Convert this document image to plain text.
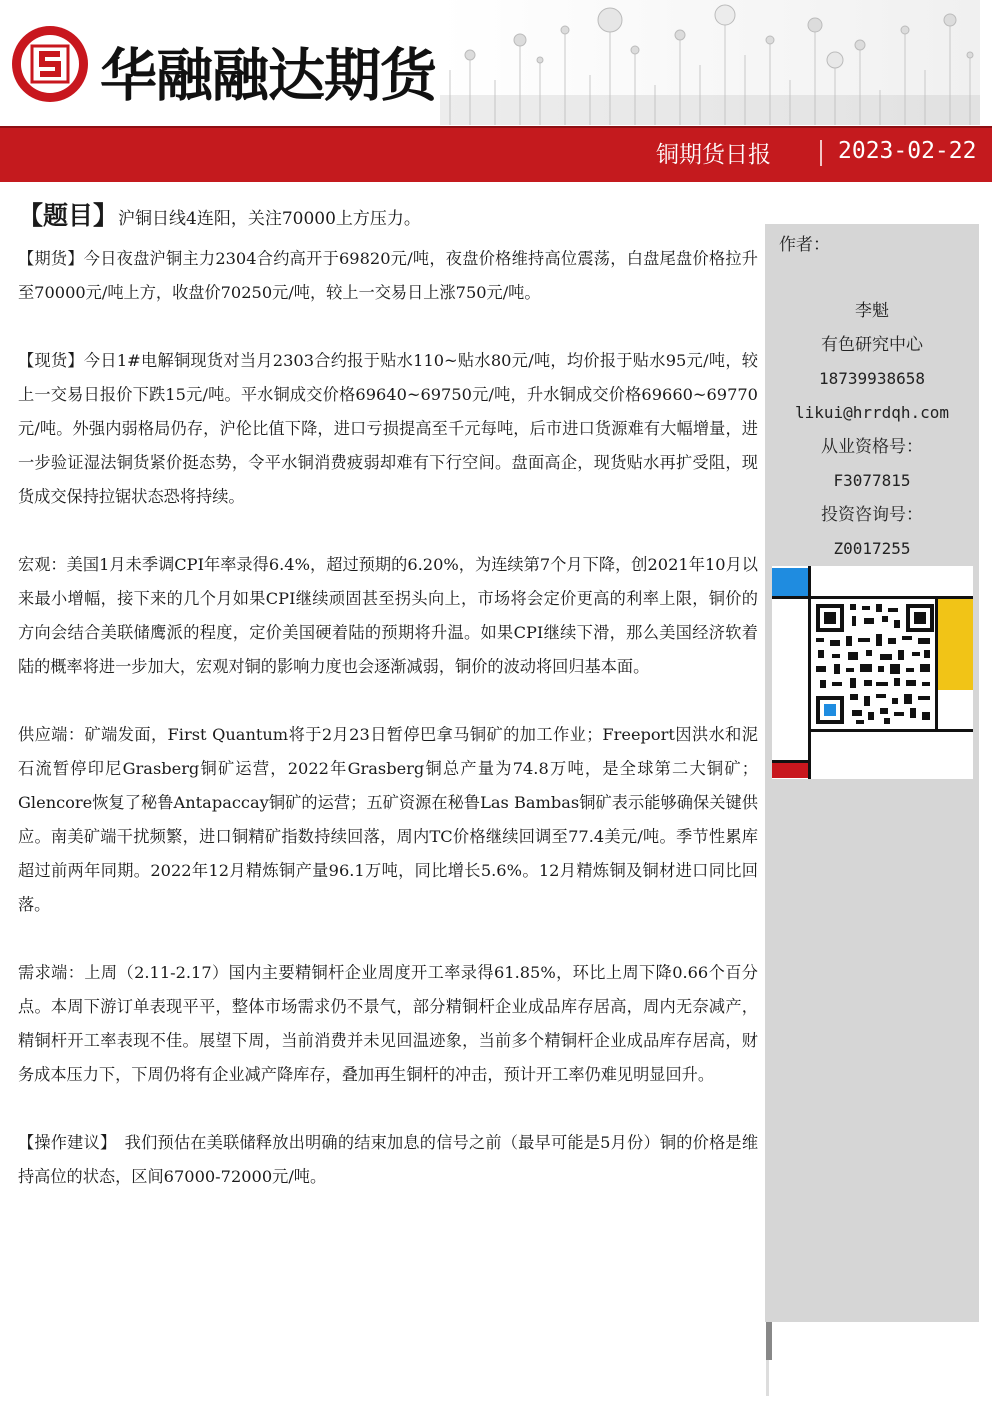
华融融达期货
铜期货日报	2023-02-22
【题目】沪铜日线4连阳，关注70000上方压力。

【期货】今日夜盘沪铜主力2304合约高开于69820元/吨，夜盘价格维持高位震荡，白盘尾盘价格拉升至70000元/吨上方，收盘价70250元/吨，较上一交易日上涨750元/吨。

【现货】今日1#电解铜现货对当月2303合约报于贴水110~贴水80元/吨，均价报于贴水95元/吨，较上一交易日报价下跌15元/吨。平水铜成交价格69640~69750元/吨，升水铜成交价格69660~69770元/吨。外强内弱格局仍存，沪伦比值下降，进口亏损提高至千元每吨，后市进口货源难有大幅增量，进一步验证湿法铜货紧价挺态势，令平水铜消费疲弱却难有下行空间。盘面高企，现货贴水再扩受阻，现货成交保持拉锯状态恐将持续。

宏观：美国1月未季调CPI年率录得6.4%，超过预期的6.20%，为连续第7个月下降，创2021年10月以来最小增幅，接下来的几个月如果CPI继续顽固甚至拐头向上，市场将会定价更高的利率上限，铜价的方向会结合美联储鹰派的程度，定价美国硬着陆的预期将升温。如果CPI继续下滑，那么美国经济软着陆的概率将进一步加大，宏观对铜的影响力度也会逐渐减弱，铜价的波动将回归基本面。

供应端：矿端发面，First Quantum将于2月23日暂停巴拿马铜矿的加工作业；Freeport因洪水和泥石流暂停印尼Grasberg铜矿运营，2022年Grasberg铜总产量为74.8万吨，是全球第二大铜矿；Glencore恢复了秘鲁Antapaccay铜矿的运营；五矿资源在秘鲁Las Bambas铜矿表示能够确保关键供应。南美矿端干扰频繁，进口铜精矿指数持续回落，周内TC价格继续回调至77.4美元/吨。季节性累库超过前两年同期。2022年12月精炼铜产量96.1万吨，同比增长5.6%。12月精炼铜及铜材进口同比回落。

需求端：上周（2.11-2.17）国内主要精铜杆企业周度开工率录得61.85%，环比上周下降0.66个百分点。本周下游订单表现平平，整体市场需求仍不景气，部分精铜杆企业成品库存居高，周内无奈减产，精铜杆开工率表现不佳。展望下周，当前消费并未见回温迹象，当前多个精铜杆企业成品库存居高，财务成本压力下，下周仍将有企业减产降库存，叠加再生铜杆的冲击，预计开工率仍难见明显回升。

【操作建议】　我们预估在美联储释放出明确的结束加息的信号之前（最早可能是5月份）铜的价格是维持高位的状态，区间67000-72000元/吨。

作者：
李魁
有色研究中心
18739938658
likui@hrrdqh.com
从业资格号：
F3077815
投资咨询号：
Z0017255
